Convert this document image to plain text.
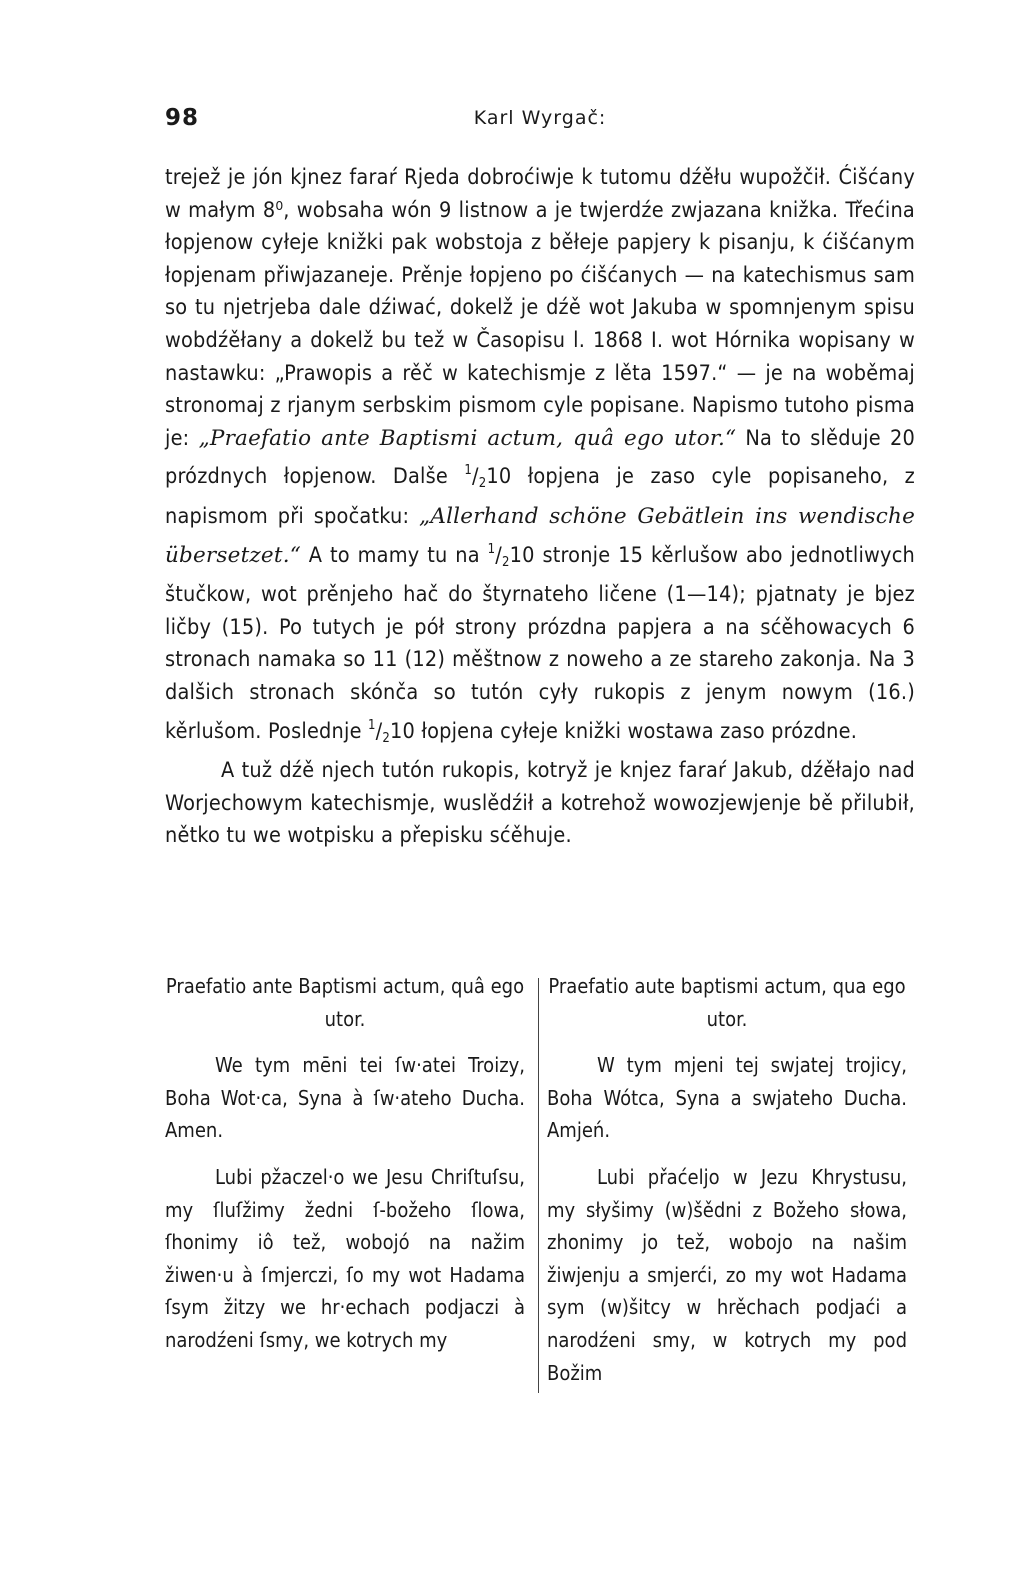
98	Karl Wyrgač:

trejež je jón kjnez faraŕ Rjeda dobroćiwje k tutomu dźěłu wupožčił. Ćišćany w małym 8⁰, wobsaha wón 9 listnow a je twjerdźe zwjazana knižka. Třećina łopjenow cyłeje knižki pak wobstoja z běłeje papjery k pisanju, k ćišćanym łopjenam přiwjazaneje. Prěnje łopjeno po ćišćanych — na katechismus sam so tu njetrjeba dale dźiwać, dokelž je dźě wot Jakuba w spomnjenym spisu wobdźěłany a dokelž bu tež w Časopisu l. 1868 I. wot Hórnika wopisany w nastawku: „Prawopis a rěč w katechismje z lěta 1597.“ — je na woběmaj stronomaj z rjanym serbskim pismom cyle popisane. Napismo tutoho pisma je: „Praefatio ante Baptismi actum, quâ ego utor.“ Na to slěduje 20 prózdnych łopjenow. Dalše $^1/_210$ łopjena je zaso cyle popisaneho, z napismom při spočatku: „Allerhand schöne Gebätlein ins wendische übersetzet.“ A to mamy tu na $^1/_210$ stronje 15 kěrlušow abo jednotliwych štučkow, wot prěnjeho hač do štyrnateho ličene (1—14); pjatnaty je bjez ličby (15). Po tutych je pół strony prózdna papjera a na sćěhowacych 6 stronach namaka so 11 (12) měštnow z noweho a ze stareho zakonja. Na 3 dalšich stronach skónča so tutón cyły rukopis z jenym nowym (16.) kěrlušom. Poslednje $^1/_210$ łopjena cyłeje knižki wostawa zaso prózdne.

A tuž dźě njech tutón rukopis, kotryž je knjez faraŕ Jakub, dźěłajo nad Worjechowym katechismje, wuslědźił a kotrehož wowozjewjenje bě přilubił, nětko tu we wotpisku a přepisku sćěhuje.

Praefatio ante Baptismi actum, quâ ego utor.

We tym mēni tei ſw·atei Troizy, Boha Wot·ca, Syna à ſw·ateho Ducha. Amen.

Lubi pžaczel·o we Jesu Chriſtuſsu, my ſluſžimy žedni ſ-božeho ſlowa, ſhonimy iô tež, wobojó na nažim žiwen·u à ſmjerczi, ſo my wot Hadama ſsym žitzy we hr·echach podjaczi à narodźeni ſsmy, we kotrych my

Praefatio aute baptismi actum, qua ego utor.

W tym mjeni tej swjatej trojicy, Boha Wótca, Syna a swjateho Ducha. Amjeń.

Lubi přaćeljo w Jezu Khrystusu, my słyšimy (w)šědni z Božeho słowa, zhonimy jo tež, wobojo na našim žiwjenju a smjerći, zo my wot Hadama sym (w)šitcy w hrěchach podjaći a narodźeni smy, w kotrych my pod Božim
